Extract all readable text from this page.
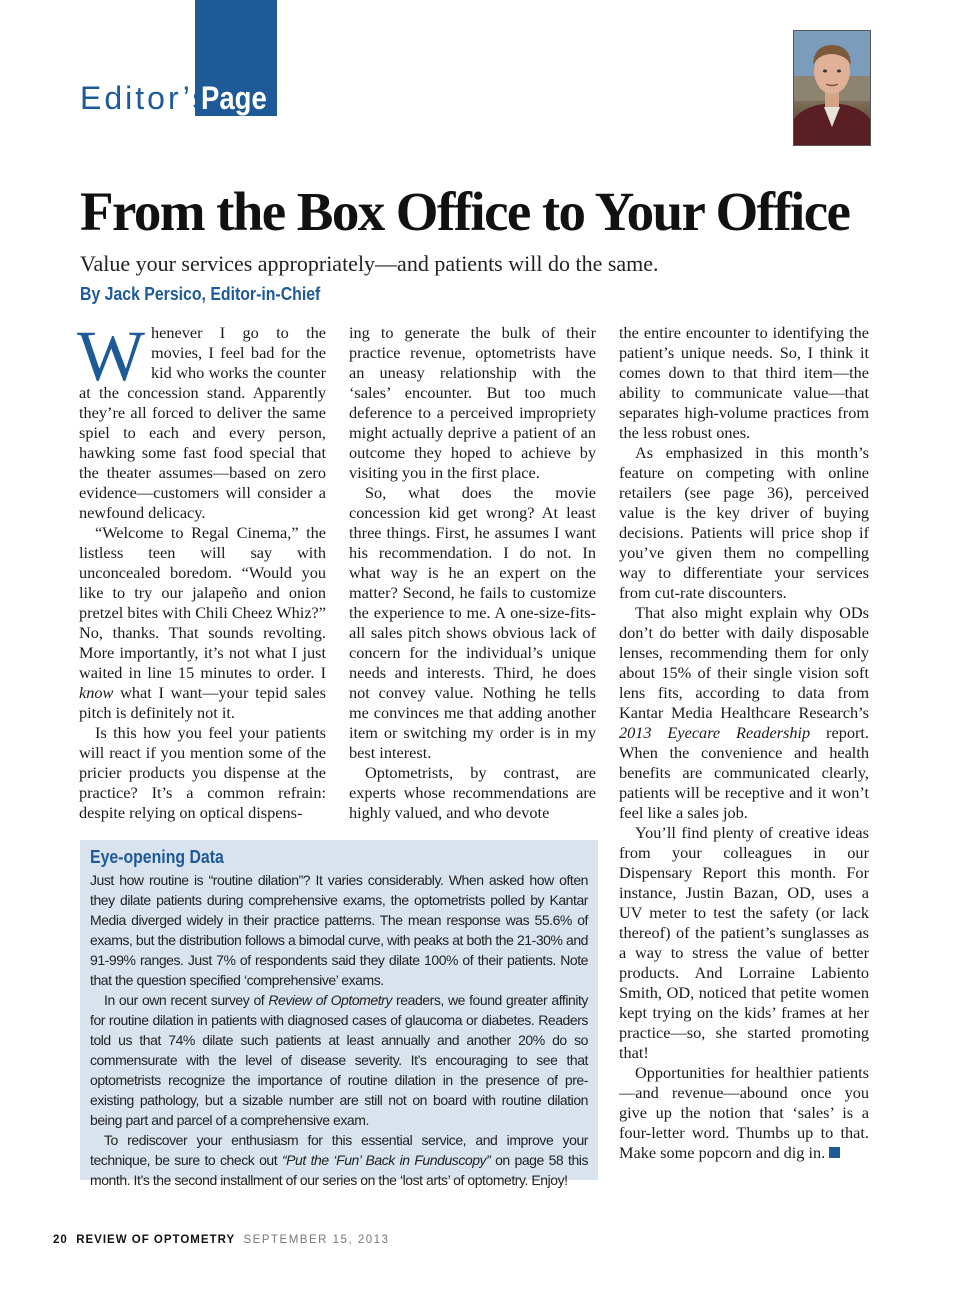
Editor’s
Page
From the Box Office to Your Office
Value your services appropriately—and patients will do the same.
By Jack Persico, Editor-in-Chief

Whenever I go to the movies, I feel bad for the kid who works the counter at the concession stand. Apparently they’re all forced to deliver the same spiel to each and every person, hawking some fast food special that the theater assumes—based on zero evidence—customers will consider a newfound delicacy.

“Welcome to Regal Cinema,” the listless teen will say with unconcealed boredom. “Would you like to try our jalapeño and onion pretzel bites with Chili Cheez Whiz?” No, thanks. That sounds revolting. More importantly, it’s not what I just waited in line 15 minutes to order. I know what I want—your tepid sales pitch is definitely not it.

Is this how you feel your patients will react if you mention some of the pricier products you dispense at the practice? It’s a common refrain: despite relying on optical dispens-

ing to generate the bulk of their practice revenue, optometrists have an uneasy relationship with the ‘sales’ encounter. But too much deference to a perceived impropriety might actually deprive a patient of an outcome they hoped to achieve by visiting you in the first place.

So, what does the movie concession kid get wrong? At least three things. First, he assumes I want his recommendation. I do not. In what way is he an expert on the matter? Second, he fails to customize the experience to me. A one-size-fits-all sales pitch shows obvious lack of concern for the individual’s unique needs and interests. Third, he does not convey value. Nothing he tells me convinces me that adding another item or switching my order is in my best interest.

Optometrists, by contrast, are experts whose recommendations are highly valued, and who devote

the entire encounter to identifying the patient’s unique needs. So, I think it comes down to that third item—the ability to communicate value—that separates high-volume practices from the less robust ones.

As emphasized in this month’s feature on competing with online retailers (see page 36), perceived value is the key driver of buying decisions. Patients will price shop if you’ve given them no compelling way to differentiate your services from cut-rate discounters.

That also might explain why ODs don’t do better with daily disposable lenses, recommending them for only about 15% of their single vision soft lens fits, according to data from Kantar Media Healthcare Research’s 2013 Eyecare Readership report. When the convenience and health benefits are communicated clearly, patients will be receptive and it won’t feel like a sales job.

You’ll find plenty of creative ideas from your colleagues in our Dispensary Report this month. For instance, Justin Bazan, OD, uses a UV meter to test the safety (or lack thereof) of the patient’s sunglasses as a way to stress the value of better products. And Lorraine Labiento Smith, OD, noticed that petite women kept trying on the kids’ frames at her practice—so, she started promoting that!

Opportunities for healthier patients—and revenue—abound once you give up the notion that ‘sales’ is a four-letter word. Thumbs up to that. Make some popcorn and dig in.

Eye-opening Data

Just how routine is “routine dilation”? It varies considerably. When asked how often they dilate patients during comprehensive exams, the optometrists polled by Kantar Media diverged widely in their practice patterns. The mean response was 55.6% of exams, but the distribution follows a bimodal curve, with peaks at both the 21-30% and 91-99% ranges. Just 7% of respondents said they dilate 100% of their patients. Note that the question specified ‘comprehensive’ exams.

In our own recent survey of Review of Optometry readers, we found greater affinity for routine dilation in patients with diagnosed cases of glaucoma or diabetes. Readers told us that 74% dilate such patients at least annually and another 20% do so commensurate with the level of disease severity. It’s encouraging to see that optometrists recognize the importance of routine dilation in the presence of pre-existing pathology, but a sizable number are still not on board with routine dilation being part and parcel of a comprehensive exam.

To rediscover your enthusiasm for this essential service, and improve your technique, be sure to check out “Put the ‘Fun’ Back in Funduscopy” on page 58 this month. It’s the second installment of our series on the ‘lost arts’ of optometry. Enjoy!

20 REVIEW OF OPTOMETRY SEPTEMBER 15, 2013
